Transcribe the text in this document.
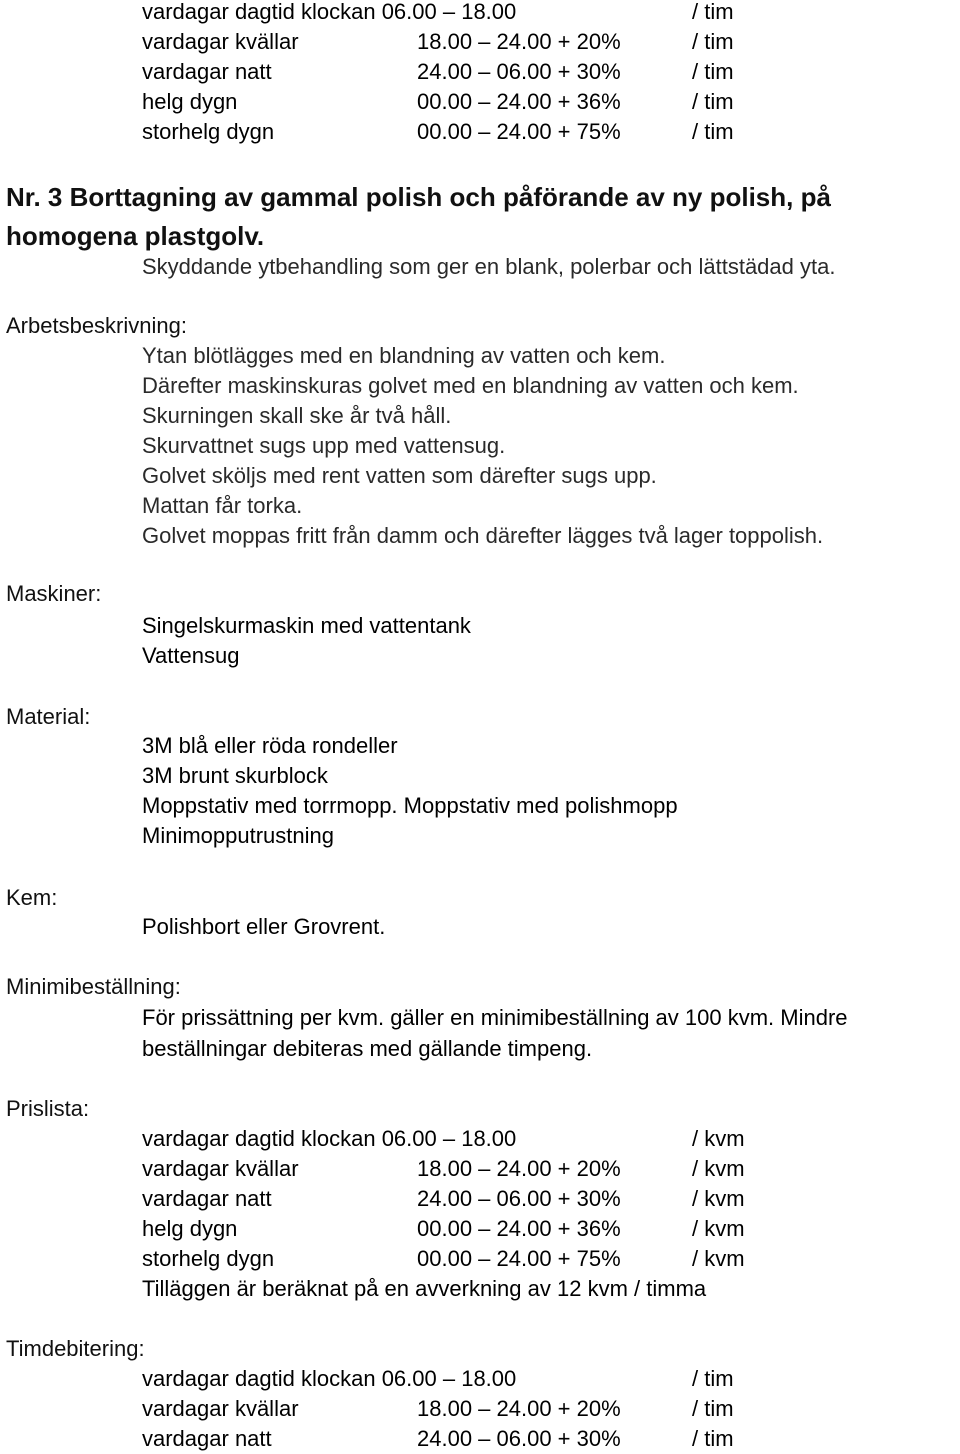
vardagar dagtid klockan 06.00 – 18.00	/ tim
vardagar kvällar	18.00 – 24.00 + 20%	/ tim
vardagar natt	24.00 – 06.00 + 30%	/ tim
helg dygn	00.00 – 24.00 + 36%	/ tim
storhelg dygn	00.00 – 24.00 + 75%	/ tim
Nr. 3 Borttagning av gammal polish och påförande av ny polish, på
homogena plastgolv.
Skyddande ytbehandling som ger en blank, polerbar och lättstädad yta.
Arbetsbeskrivning:
Ytan blötlägges med en blandning av vatten och kem.
Därefter maskinskuras golvet med en blandning av vatten och kem.
Skurningen skall ske år två håll.
Skurvattnet sugs upp med vattensug.
Golvet sköljs med rent vatten som därefter sugs upp.
Mattan får torka.
Golvet moppas fritt från damm och därefter lägges två lager toppolish.
Maskiner:
Singelskurmaskin med vattentank
Vattensug
Material:
3M blå eller röda rondeller
3M brunt skurblock
Moppstativ med torrmopp. Moppstativ med polishmopp
Minimopputrustning
Kem:
Polishbort eller Grovrent.
Minimibeställning:
För prissättning per kvm. gäller en minimibeställning av 100 kvm. Mindre
beställningar debiteras med gällande timpeng.
Prislista:
vardagar dagtid klockan 06.00 – 18.00	/ kvm
vardagar kvällar	18.00 – 24.00 + 20%	/ kvm
vardagar natt	24.00 – 06.00 + 30%	/ kvm
helg dygn	00.00 – 24.00 + 36%	/ kvm
storhelg dygn	00.00 – 24.00 + 75%	/ kvm
Tilläggen är beräknat på en avverkning av 12 kvm / timma
Timdebitering:
vardagar dagtid klockan 06.00 – 18.00	/ tim
vardagar kvällar	18.00 – 24.00 + 20%	/ tim
vardagar natt	24.00 – 06.00 + 30%	/ tim
